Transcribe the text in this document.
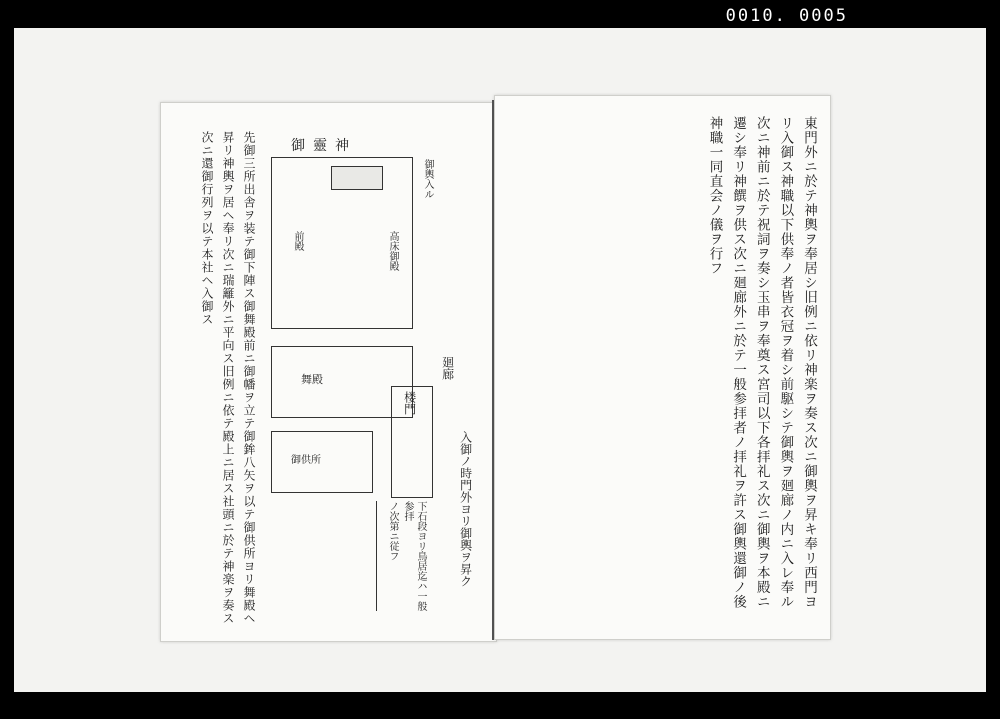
0010. 0005
先御三所出舎ヲ装テ御下陣ス御舞殿前ニ御幡ヲ立テ御鉾八矢ヲ以テ御供所ヨリ舞殿ヘ昇リ神輿ヲ居ヘ奉リ次ニ瑞籬外ニ平向ス旧例ニ依テ殿上ニ居ス社頭ニ於テ神楽ヲ奏ス次ニ還御行列ヲ以テ本社ヘ入御ス	御靈神
御輿入ル
高床御殿
前殿
舞殿
御供所
楼門
廻廊
入御ノ時門外ヨリ御輿ヲ昇ク
下石段ヨリ鳥居迄ハ一般参拝
ノ次第ニ従フ	東門外ニ於テ神輿ヲ奉居シ旧例ニ依リ神楽ヲ奏ス次ニ御輿ヲ昇キ奉リ西門ヨリ入御ス神職以下供奉ノ者皆衣冠ヲ着シ前駆シテ御輿ヲ廻廊ノ内ニ入レ奉ル次ニ神前ニ於テ祝詞ヲ奏シ玉串ヲ奉奠ス宮司以下各拝礼ス次ニ御輿ヲ本殿ニ遷シ奉リ神饌ヲ供ス次ニ廻廊外ニ於テ一般参拝者ノ拝礼ヲ許ス御輿還御ノ後神職一同直会ノ儀ヲ行フ
